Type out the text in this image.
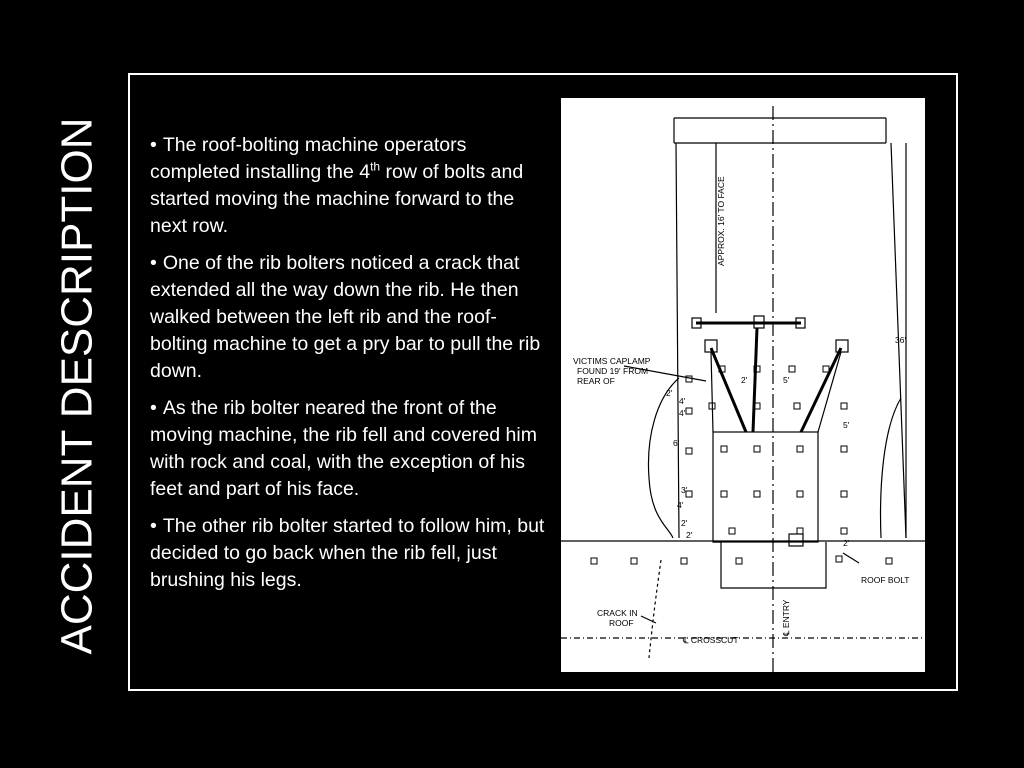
ACCIDENT DESCRIPTION • The roof-bolting machine operators completed installing the 4th row of bolts and started moving the machine forward to the next row.
• One of the rib bolters noticed a crack that extended all the way down the rib. He then walked between the left rib and the roof-bolting machine to get a pry bar to pull the rib down.
• As the rib bolter neared the front of the moving machine, the rib fell and covered him with rock and coal, with the exception of his feet and part of his face.
• The other rib bolter started to follow him, but decided to go back when the rib fell, just brushing his legs.
VICTIMS CAPLAMP
FOUND 19' FROM
REAR OF
APPROX. 16' TO FACE
36'
ROOF BOLT
CRACK IN
ROOF	℄ ENTRY
℄ CROSSCUT
4'
4'
6'
2'	5'
5'
3'
4'
2'
2'
2'
2'
